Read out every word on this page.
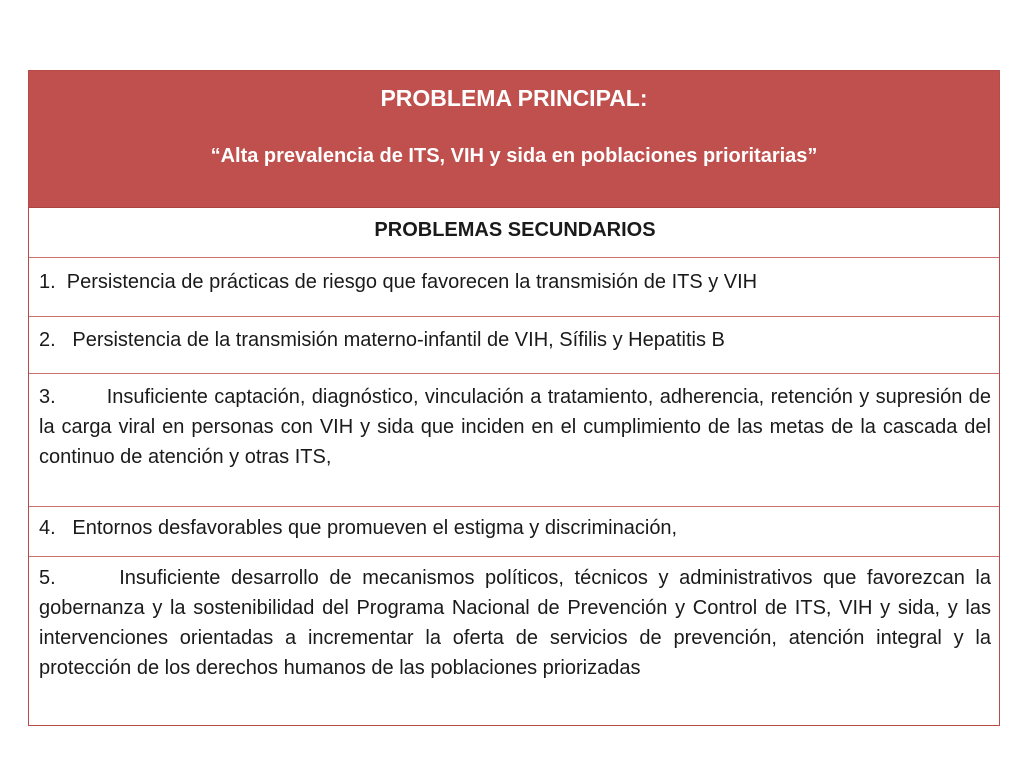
PROBLEMA PRINCIPAL:
“Alta prevalencia de ITS, VIH y sida en poblaciones prioritarias”
PROBLEMAS SECUNDARIOS
1.  Persistencia de prácticas de riesgo que favorecen la transmisión de ITS y VIH
2.   Persistencia de la transmisión materno-infantil de VIH, Sífilis y Hepatitis B
3.        Insuficiente captación, diagnóstico, vinculación a tratamiento, adherencia, retención y supresión de la carga viral en personas con VIH y sida que inciden en el cumplimiento de las metas de la cascada del continuo de atención y otras ITS,
4.   Entornos desfavorables que promueven el estigma y discriminación,
5.      Insuficiente desarrollo de mecanismos políticos, técnicos y administrativos que favorezcan la gobernanza y la sostenibilidad del Programa Nacional de Prevención y Control de ITS, VIH y sida, y las intervenciones orientadas a incrementar la oferta de servicios de prevención, atención integral y la protección de los derechos humanos de las poblaciones priorizadas
